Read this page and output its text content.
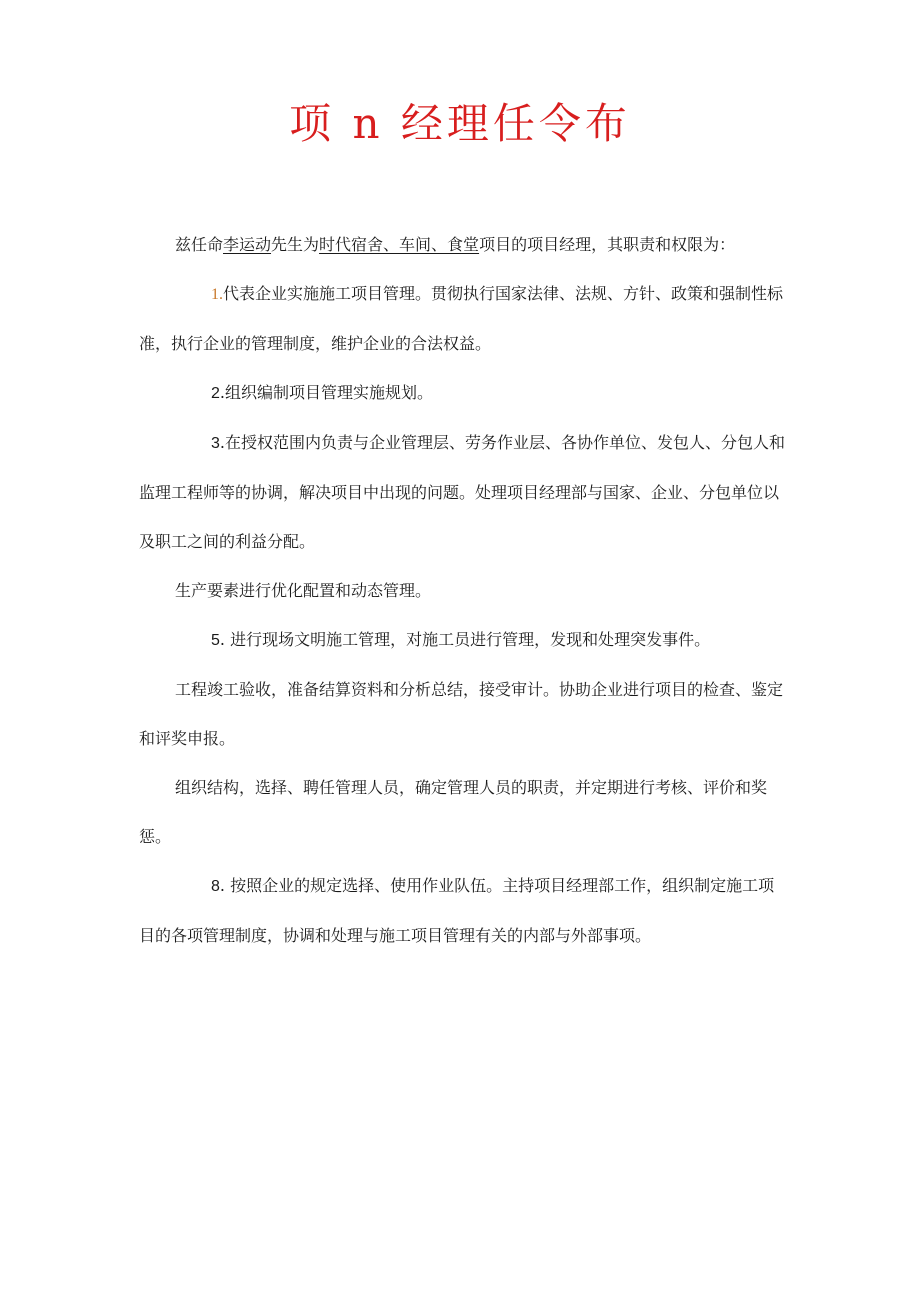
项 n 经理任令布

兹任命李运动先生为时代宿舍、车间、食堂项目的项目经理，其职责和权限为：

1.代表企业实施施工项目管理。贯彻执行国家法律、法规、方针、政策和强制性标准，执行企业的管理制度，维护企业的合法权益。

2.组织编制项目管理实施规划。

3.在授权范围内负责与企业管理层、劳务作业层、各协作单位、发包人、分包人和监理工程师等的协调，解决项目中出现的问题。处理项目经理部与国家、企业、分包单位以及职工之间的利益分配。

生产要素进行优化配置和动态管理。

5. 进行现场文明施工管理，对施工员进行管理，发现和处理突发事件。

工程竣工验收，准备结算资料和分析总结，接受审计。协助企业进行项目的检查、鉴定和评奖申报。

组织结构，选择、聘任管理人员，确定管理人员的职责，并定期进行考核、评价和奖惩。

8. 按照企业的规定选择、使用作业队伍。主持项目经理部工作，组织制定施工项目的各项管理制度，协调和处理与施工项目管理有关的内部与外部事项。
